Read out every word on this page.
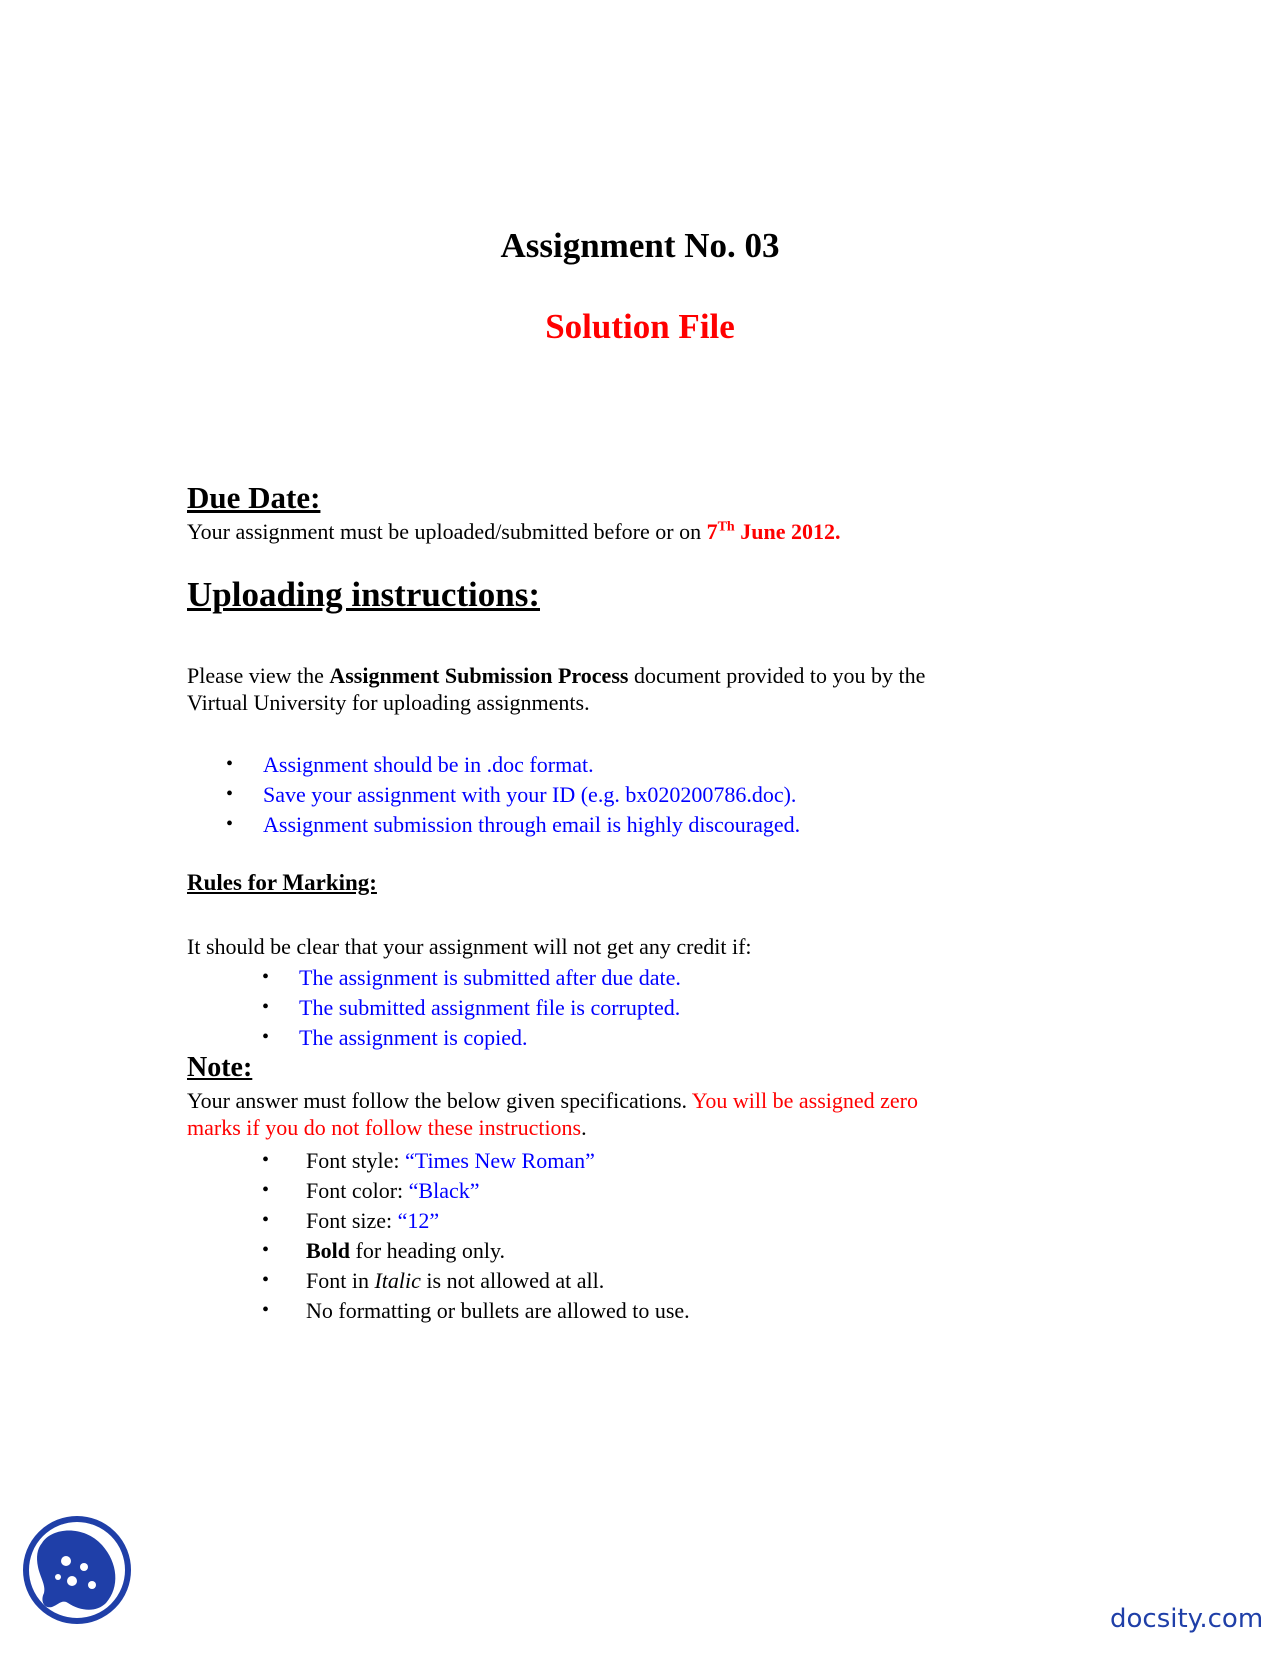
Assignment No. 03
Solution File
Due Date:
Your assignment must be uploaded/submitted before or on 7Th June 2012.
Uploading instructions:
Please view the Assignment Submission Process document provided to you by the
Virtual University for uploading assignments.
• Assignment should be in .doc format.
• Save your assignment with your ID (e.g. bx020200786.doc).
• Assignment submission through email is highly discouraged.
Rules for Marking:
It should be clear that your assignment will not get any credit if:
• The assignment is submitted after due date.
• The submitted assignment file is corrupted.
• The assignment is copied.
Note:
Your answer must follow the below given specifications. You will be assigned zero
marks if you do not follow these instructions.
• Font style: “Times New Roman”
• Font color: “Black”
• Font size: “12”
• Bold for heading only.
• Font in Italic is not allowed at all.
• No formatting or bullets are allowed to use.
docsity.com
